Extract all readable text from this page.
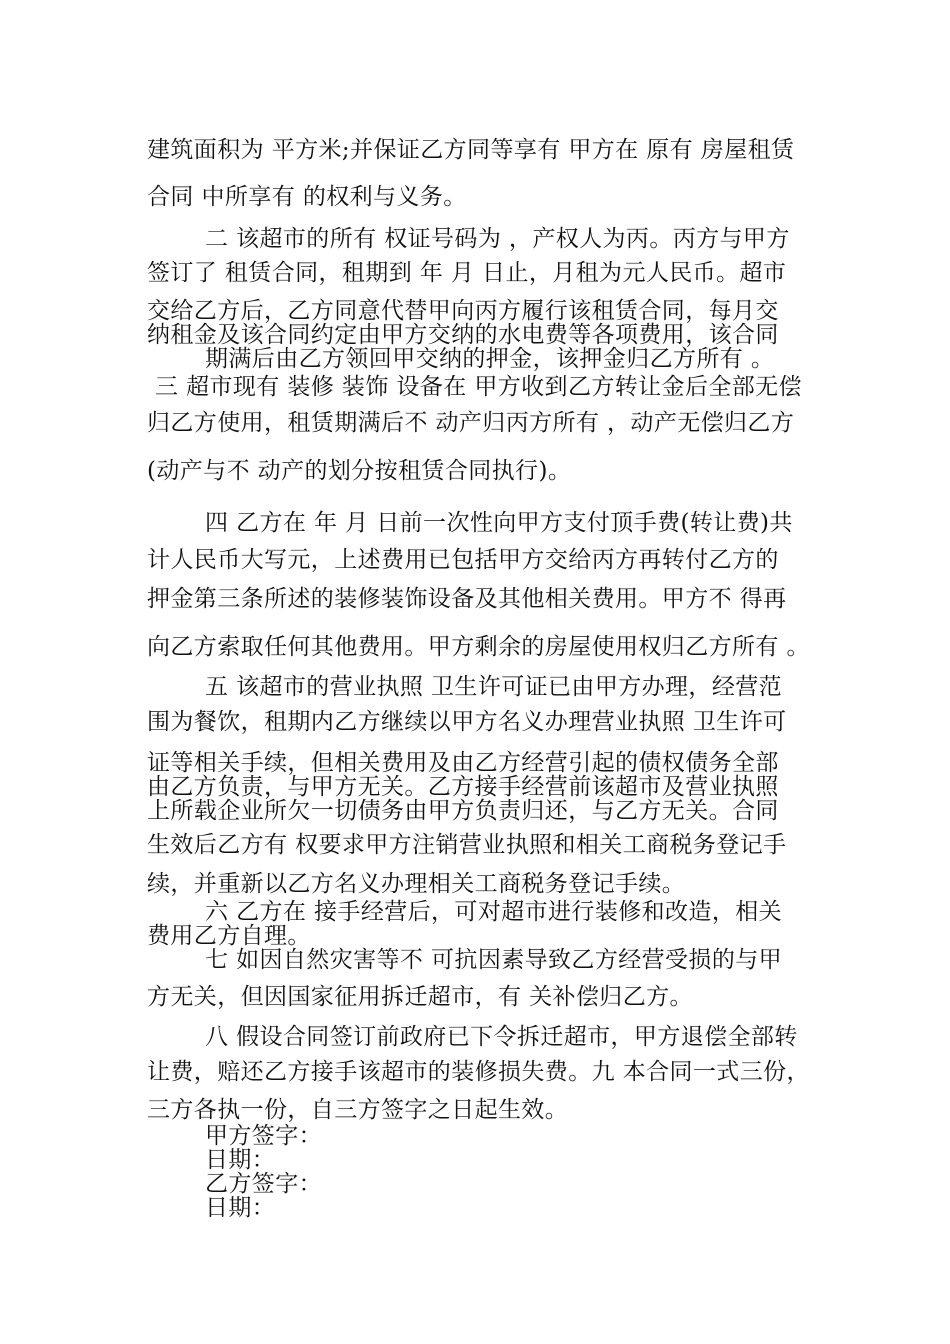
建筑面积为 平方米;并保证乙方同等享有 甲方在 原有 房屋租赁
合同 中所享有 的权利与义务。
二 该超市的所有 权证号码为 ，产权人为丙。丙方与甲方
签订了 租赁合同，租期到 年 月 日止，月租为元人民币。超市
交给乙方后，乙方同意代替甲向丙方履行该租赁合同，每月交
纳租金及该合同约定由甲方交纳的水电费等各项费用，该合同
期满后由乙方领回甲交纳的押金，该押金归乙方所有 。
三 超市现有 装修 装饰 设备在 甲方收到乙方转让金后全部无偿
归乙方使用，租赁期满后不 动产归丙方所有 ，动产无偿归乙方
(动产与不 动产的划分按租赁合同执行)。
四 乙方在 年 月 日前一次性向甲方支付顶手费(转让费)共
计人民币大写元，上述费用已包括甲方交给丙方再转付乙方的
押金第三条所述的装修装饰设备及其他相关费用。甲方不 得再
向乙方索取任何其他费用。甲方剩余的房屋使用权归乙方所有 。
五 该超市的营业执照 卫生许可证已由甲方办理，经营范
围为餐饮，租期内乙方继续以甲方名义办理营业执照 卫生许可
证等相关手续，但相关费用及由乙方经营引起的债权债务全部
由乙方负责，与甲方无关。乙方接手经营前该超市及营业执照
上所载企业所欠一切债务由甲方负责归还，与乙方无关。合同
生效后乙方有 权要求甲方注销营业执照和相关工商税务登记手
续，并重新以乙方名义办理相关工商税务登记手续。
六 乙方在 接手经营后，可对超市进行装修和改造，相关
费用乙方自理。
七 如因自然灾害等不 可抗因素导致乙方经营受损的与甲
方无关，但因国家征用拆迁超市，有 关补偿归乙方。
八 假设合同签订前政府已下令拆迁超市，甲方退偿全部转
让费，赔还乙方接手该超市的装修损失费。九 本合同一式三份，
三方各执一份，自三方签字之日起生效。
甲方签字：
日期：
乙方签字：
日期：
